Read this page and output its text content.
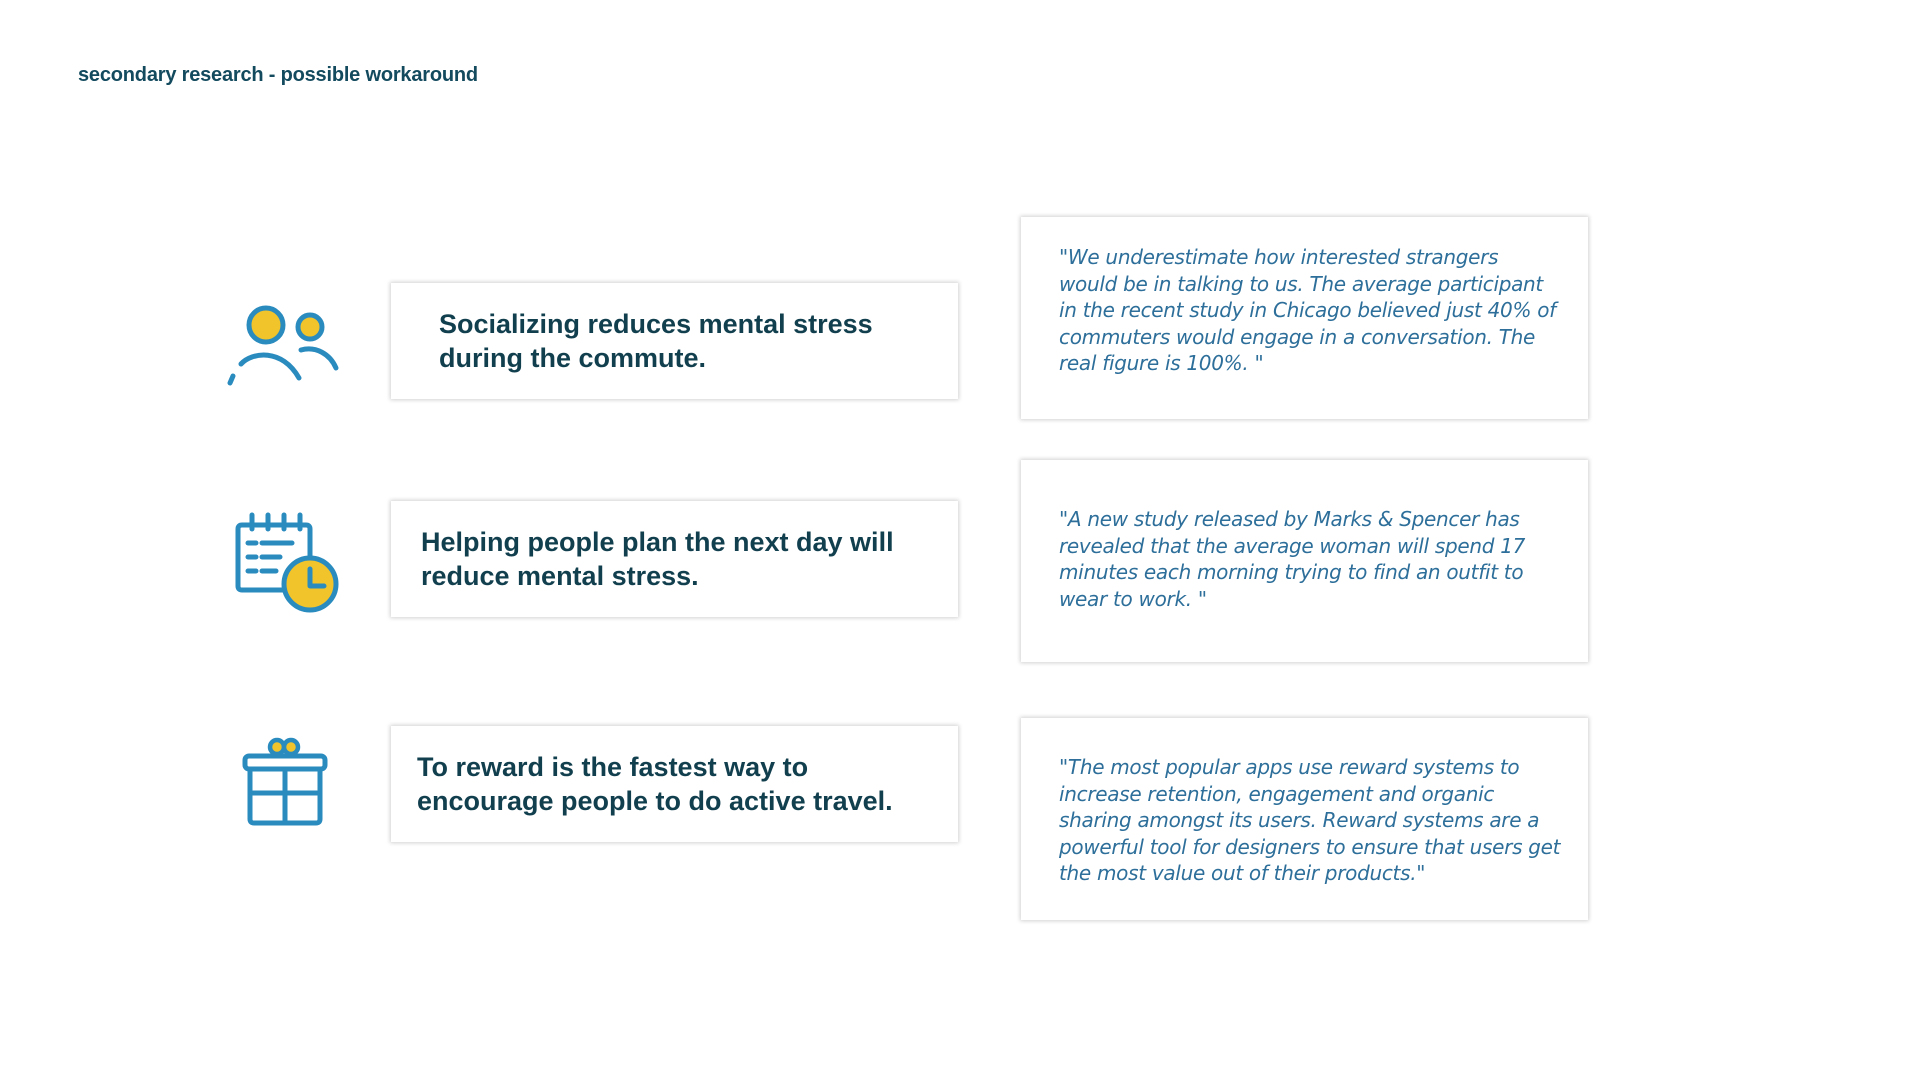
secondary research - possible workaround

Socializing reduces mental stress during the commute.

"We underestimate how interested strangers would be in talking to us. The average participant in the recent study in Chicago believed just 40% of commuters would engage in a conversation. The real figure is 100%. "

Helping people plan the next day will reduce mental stress.

"A new study released by Marks & Spencer has revealed that the average woman will spend 17 minutes each morning trying to find an outfit to wear to work. "

To reward is the fastest way to encourage people to do active travel.

"The most popular apps use reward systems to increase retention, engagement and organic sharing amongst its users. Reward systems are a powerful tool for designers to ensure that users get the most value out of their products."
